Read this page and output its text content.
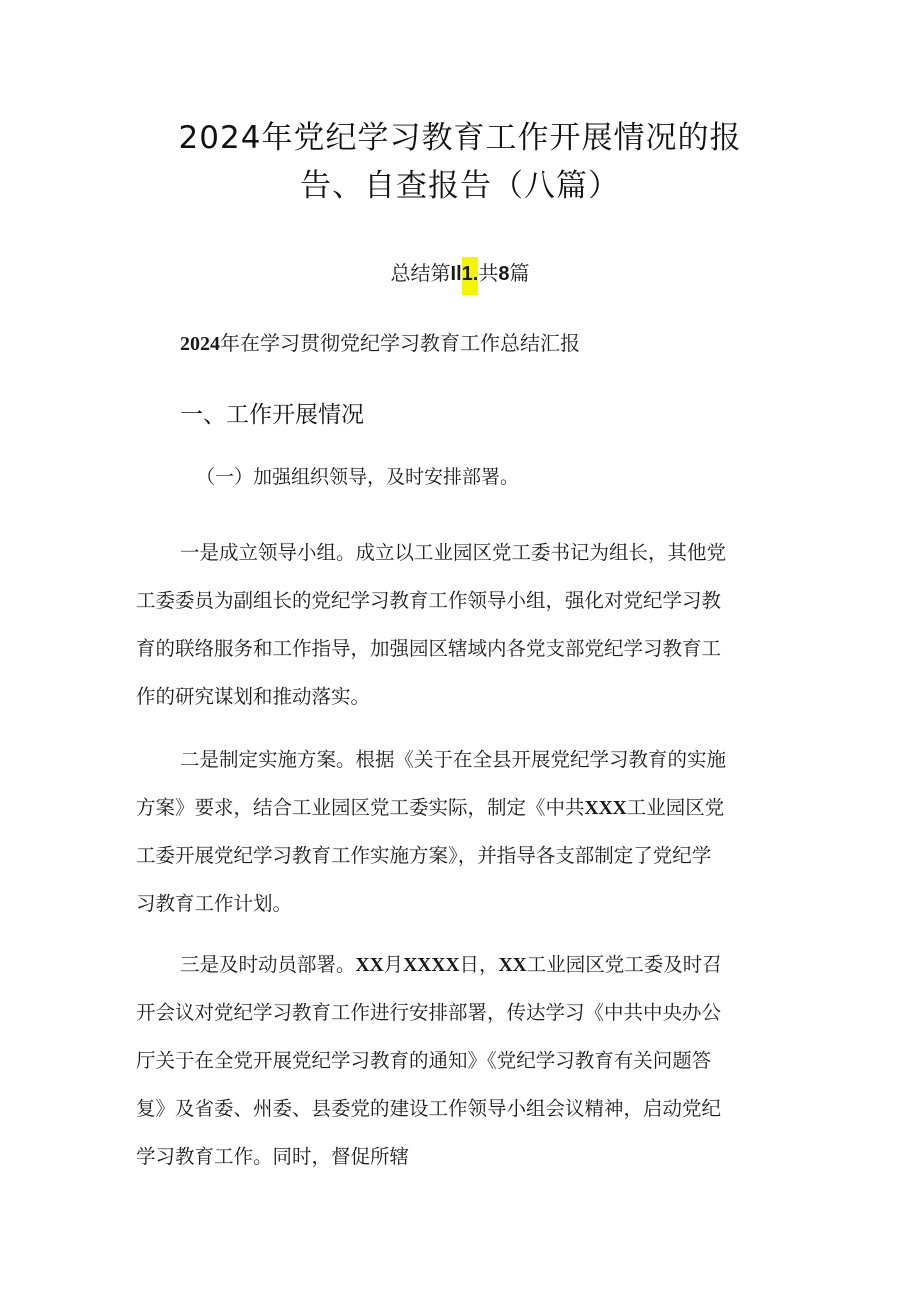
2024年党纪学习教育工作开展情况的报
告、自查报告（八篇）
总结第Il1.共8篇
2024年在学习贯彻党纪学习教育工作总结汇报
一、工作开展情况
（一）加强组织领导，及时安排部署。
一是成立领导小组。成立以工业园区党工委书记为组长，其他党
工委委员为副组长的党纪学习教育工作领导小组，强化对党纪学习教
育的联络服务和工作指导，加强园区辖域内各党支部党纪学习教育工
作的研究谋划和推动落实。
二是制定实施方案。根据《关于在全县开展党纪学习教育的实施
方案》要求，结合工业园区党工委实际，制定《中共XXX工业园区党
工委开展党纪学习教育工作实施方案》，并指导各支部制定了党纪学
习教育工作计划。
三是及时动员部署。XX月XXXX日，XX工业园区党工委及时召
开会议对党纪学习教育工作进行安排部署，传达学习《中共中央办公
厅关于在全党开展党纪学习教育的通知》《党纪学习教育有关问题答
复》及省委、州委、县委党的建设工作领导小组会议精神，启动党纪
学习教育工作。同时，督促所辖
